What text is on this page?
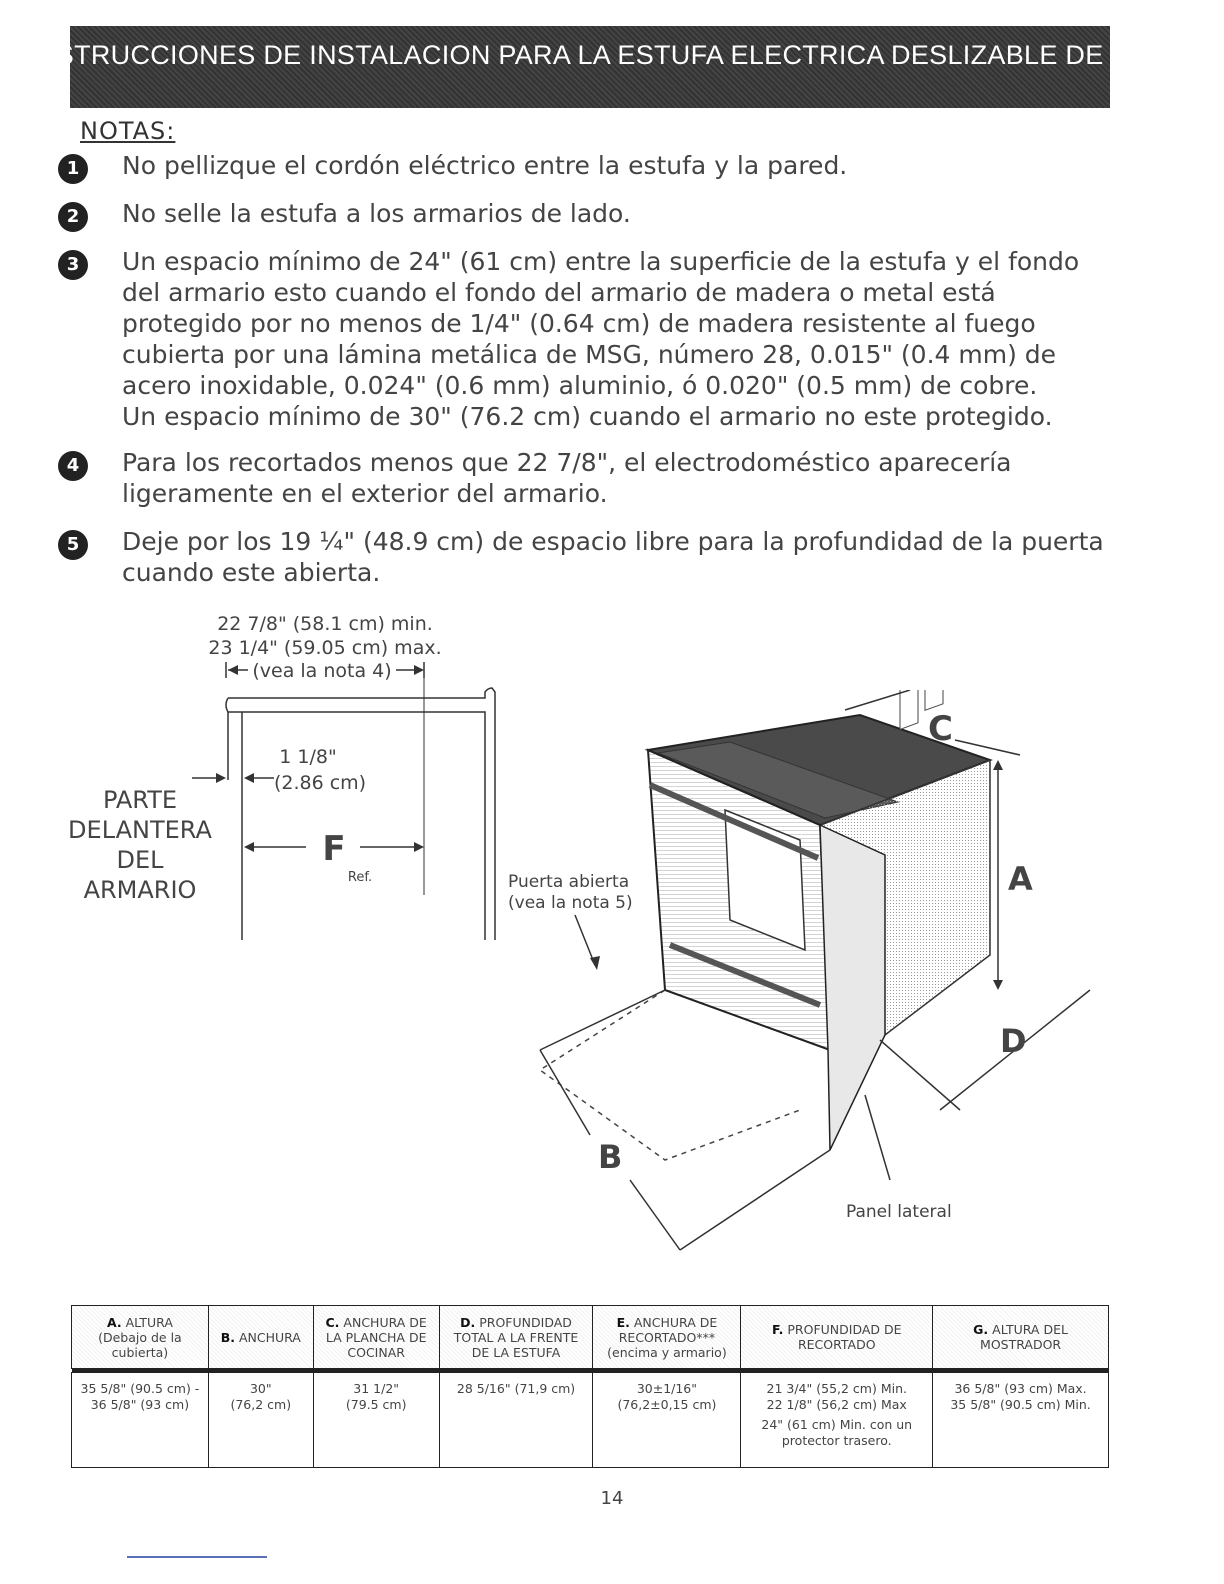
INSTRUCCIONES DE INSTALACION PARA LA ESTUFA ELECTRICA DESLIZABLE DE 30"
NOTAS:
1	No pellizque el cordón eléctrico entre la estufa y la pared.

2	No selle la estufa a los armarios de lado.

3	Un espacio mínimo de 24" (61 cm) entre la superficie de la estufa y el fondo del armario esto cuando el fondo del armario de madera o metal está protegido por no menos de 1/4" (0.64 cm) de madera resistente al fuego cubierta por una lámina metálica de MSG, número 28, 0.015" (0.4 mm) de acero inoxidable, 0.024" (0.6 mm) aluminio, ó 0.020" (0.5 mm) de cobre.

Un espacio mínimo de 30" (76.2 cm) cuando el armario no este protegido.

4	Para los recortados menos que 22 7/8", el electrodoméstico aparecería ligeramente en el exterior del armario.

5	Deje por los 19 ¼" (48.9 cm) de espacio libre para la profundidad de la puerta cuando este abierta.

22 7/8" (58.1 cm) min.
23 1/4" (59.05 cm) max.
(vea la nota 4)
1 1/8"
(2.86 cm)
PARTE
DELANTERA
DEL
ARMARIO
F
Ref.	Puerta abierta
(vea la nota 5)
C
A
D
B
Panel lateral
A. ALTURA
(Debajo de la
cubierta)	B. ANCHURA	C. ANCHURA DE
LA PLANCHA DE
COCINAR	D. PROFUNDIDAD
TOTAL A LA FRENTE
DE LA ESTUFA	E. ANCHURA DE
RECORTADO***
(encima y armario)	F. PROFUNDIDAD DE
RECORTADO	G. ALTURA DEL
MOSTRADOR

35 5/8" (90.5 cm) -
36 5/8" (93 cm)	30"
(76,2 cm)	31 1/2"
(79.5 cm)	28 5/16" (71,9 cm)	30±1/16"
(76,2±0,15 cm)	21 3/4" (55,2 cm) Min.
22 1/8" (56,2 cm) Max
24" (61 cm) Min. con un
protector trasero.	36 5/8" (93 cm) Max.
35 5/8" (90.5 cm) Min.
14
